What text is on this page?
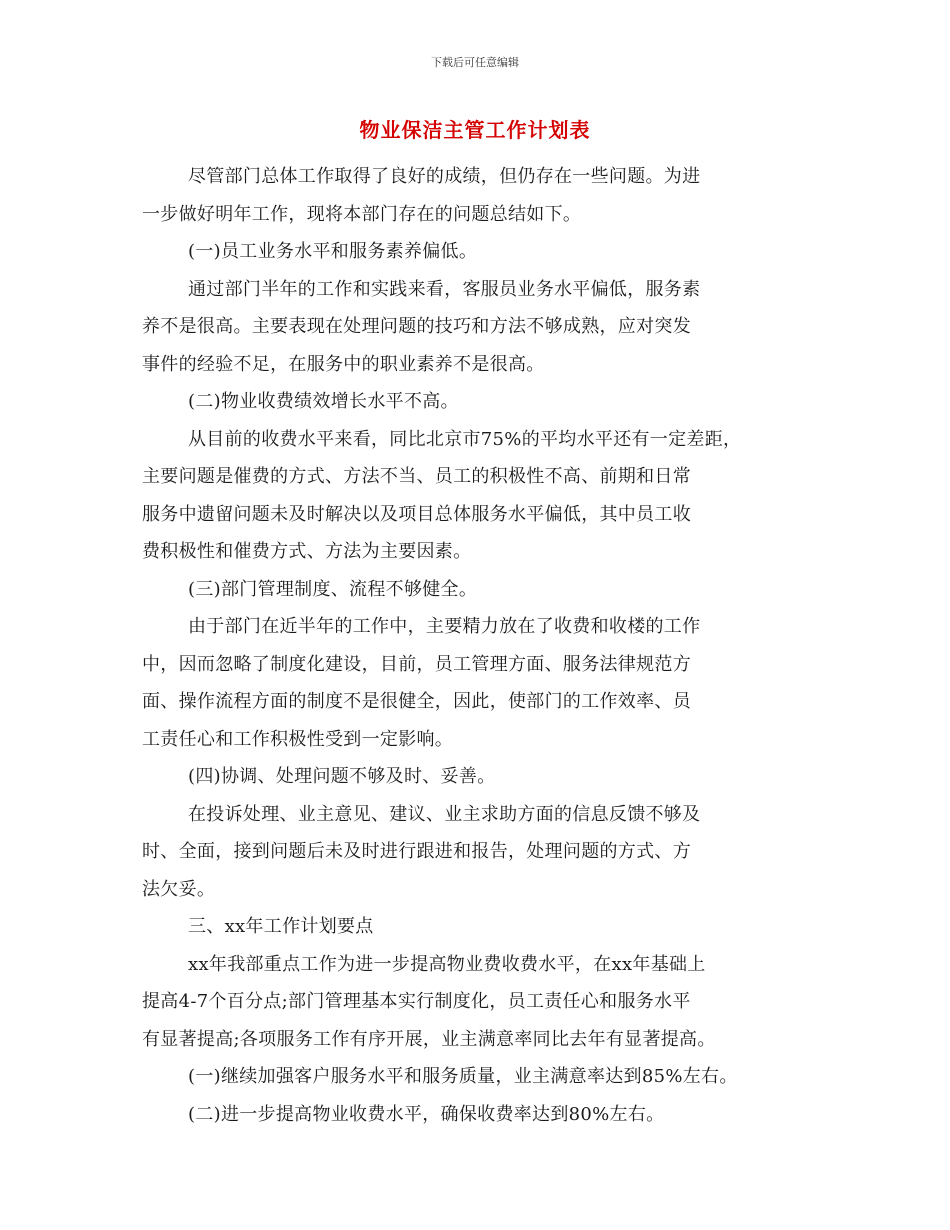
下载后可任意编辑
物业保洁主管工作计划表
尽管部门总体工作取得了良好的成绩，但仍存在一些问题。为进
一步做好明年工作，现将本部门存在的问题总结如下。
(一)员工业务水平和服务素养偏低。
通过部门半年的工作和实践来看，客服员业务水平偏低，服务素
养不是很高。主要表现在处理问题的技巧和方法不够成熟，应对突发
事件的经验不足，在服务中的职业素养不是很高。
(二)物业收费绩效增长水平不高。
从目前的收费水平来看，同比北京市75%的平均水平还有一定差距，
主要问题是催费的方式、方法不当、员工的积极性不高、前期和日常
服务中遗留问题未及时解决以及项目总体服务水平偏低，其中员工收
费积极性和催费方式、方法为主要因素。
(三)部门管理制度、流程不够健全。
由于部门在近半年的工作中，主要精力放在了收费和收楼的工作
中，因而忽略了制度化建设，目前，员工管理方面、服务法律规范方
面、操作流程方面的制度不是很健全，因此，使部门的工作效率、员
工责任心和工作积极性受到一定影响。
(四)协调、处理问题不够及时、妥善。
在投诉处理、业主意见、建议、业主求助方面的信息反馈不够及
时、全面，接到问题后未及时进行跟进和报告，处理问题的方式、方
法欠妥。
三、xx年工作计划要点
xx年我部重点工作为进一步提高物业费收费水平，在xx年基础上
提高4-7个百分点;部门管理基本实行制度化，员工责任心和服务水平
有显著提高;各项服务工作有序开展，业主满意率同比去年有显著提高。
(一)继续加强客户服务水平和服务质量，业主满意率达到85%左右。
(二)进一步提高物业收费水平，确保收费率达到80%左右。
